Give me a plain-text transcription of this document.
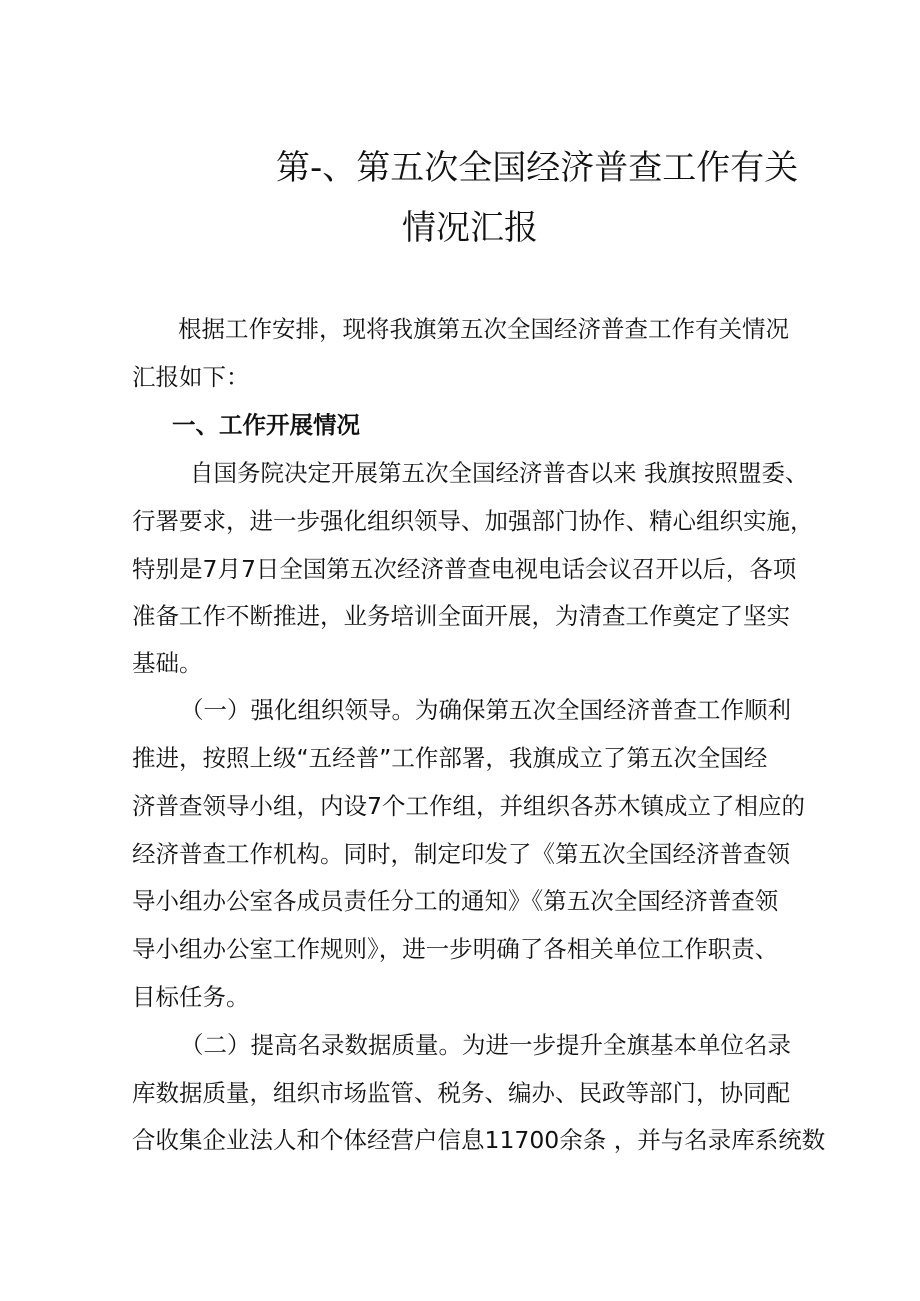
第-、第五次全国经济普查工作有关
情况汇报
根据工作安排，现将我旗第五次全国经济普查工作有关情况
汇报如下：
一、工作开展情况
自国务院决定开展第五次全国经济普杳以来 我旗按照盟委、
行署要求，进一步强化组织领导、加强部门协作、精心组织实施，
特别是7月7日全国第五次经济普查电视电话会议召开以后，各项
准备工作不断推进，业务培训全面开展，为清查工作奠定了坚实
基础。
（一）强化组织领导。为确保第五次全国经济普查工作顺利
推进，按照上级“五经普”工作部署，我旗成立了第五次全国经
济普查领导小组，内设7个工作组，并组织各苏木镇成立了相应的
经济普查工作机构。同时，制定印发了《第五次全国经济普查领
导小组办公室各成员责任分工的通知》《第五次全国经济普查领
导小组办公室工作规则》，进一步明确了各相关单位工作职责、
目标任务。
（二）提高名录数据质量。为进一步提升全旗基本单位名录
库数据质量，组织市场监管、税务、编办、民政等部门，协同配
合收集企业法人和个体经营户信息11700余条 ，并与名录库系统数
